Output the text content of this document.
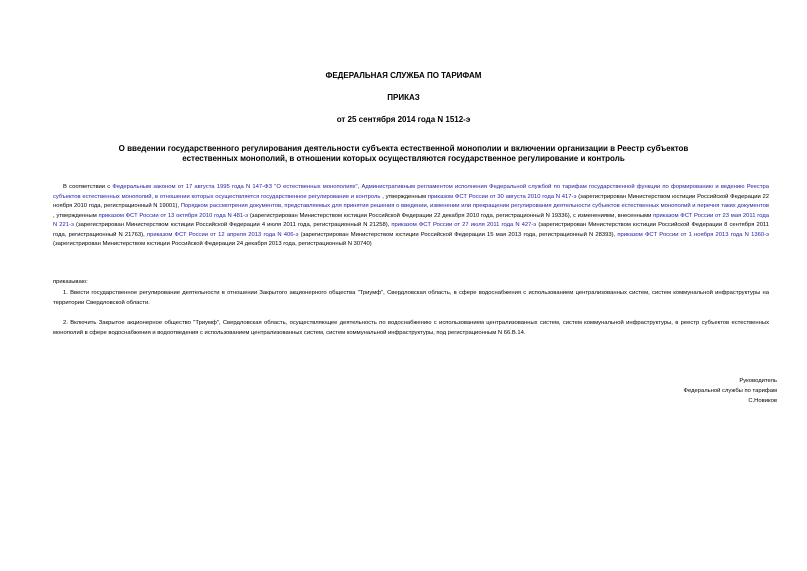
ФЕДЕРАЛЬНАЯ СЛУЖБА ПО ТАРИФАМ
ПРИКАЗ
от 25 сентября 2014 года N 1512-э
О введении государственного регулирования деятельности субъекта естественной монополии и включении организации в Реестр субъектов естественных монополий, в отношении которых осуществляются государственное регулирование и контроль

В соответствии с Федеральным законом от 17 августа 1995 года N 147-ФЗ "О естественных монополиях", Административным регламентом исполнения Федеральной службой по тарифам государственной функции по формированию и ведению Реестра субъектов естественных монополий, в отношении которых осуществляется государственное регулирование и контроль , утвержденным приказом ФСТ России от 30 августа 2010 года N 417-э (зарегистрирован Министерством юстиции Российской Федерации 22 ноября 2010 года, регистрационный N 19001), Порядком рассмотрения документов, представляемых для принятия решения о введении, изменении или прекращении регулирования деятельности субъектов естественных монополий и перечня таких документов , утвержденным приказом ФСТ России от 13 октября 2010 года N 481-э (зарегистрирован Министерством юстиции Российской Федерации 22 декабря 2010 года, регистрационный N 19336), с изменениями, внесенными приказом ФСТ России от 23 мая 2011 года N 221-э (зарегистрирован Министерством юстиции Российской Федерации 4 июля 2011 года, регистрационный N 21258), приказом ФСТ России от 27 июля 2011 года N 427-э (зарегистрирован Министерством юстиции Российской Федерации 8 сентября 2011 года, регистрационный N 21763), приказом ФСТ России от 12 апреля 2013 года N 406-э (зарегистрирован Министерством юстиции Российской Федерации 15 мая 2013 года, регистрационный N 28393), приказом ФСТ России от 1 ноября 2013 года N 1360-э (зарегистрирован Министерством юстиции Российской Федерации 24 декабря 2013 года, регистрационный N 30740)

приказываю:

1. Ввести государственное регулирование деятельности в отношении Закрытого акционерного общества "Триумф", Свердловская область, в сфере водоснабжения с использованием централизованных систем, систем коммунальной инфраструктуры на территории Свердловской области.

2. Включить Закрытое акционерное общество "Триумф", Свердловская область, осуществляющее деятельность по водоснабжению с использованием централизованных систем, систем коммунальной инфраструктуры, в реестр субъектов естественных монополий в сфере водоснабжения и водоотведения с использованием централизованных систем, систем коммунальной инфраструктуры, под регистрационным N 66.В.14.

Руководитель
Федеральной службы по тарифам
С.Новиков
